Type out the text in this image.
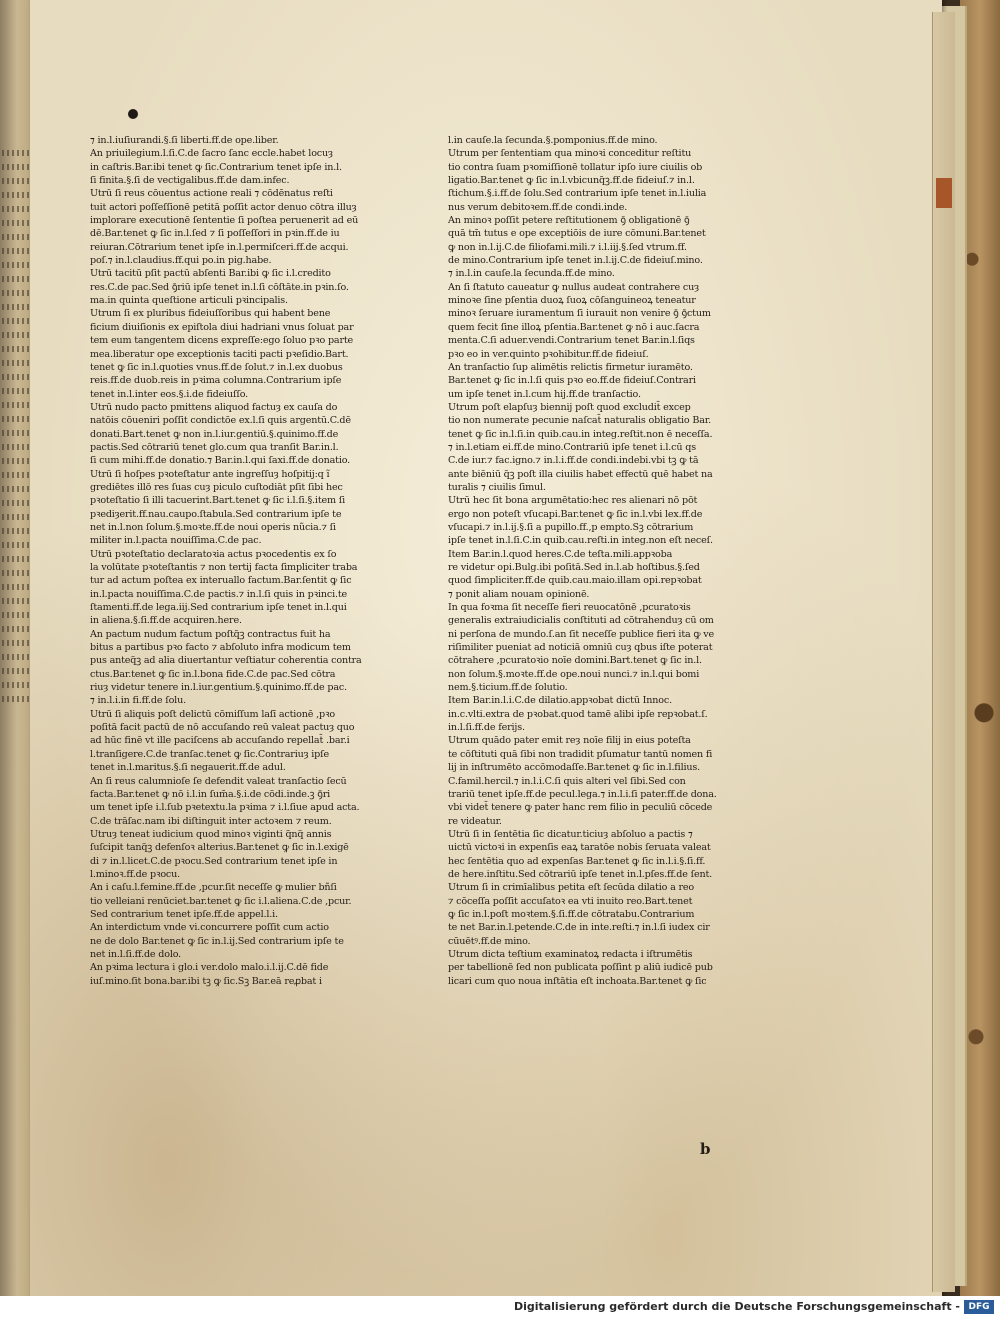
⁊ in.l.iuſiurandi.§.ſi liberti.ff.de ope.liber.
An priuilegium.l.ſi.C.de ſacro ſanc eccle.habet locuȝ
in caſtris.Bar.ibi tenet ꝙ ſic.Contrarium tenet ipſe in.l.
ſi finita.§.ſi de vectigalibus.ff.de dam.infec.
Utrū ſi reus cōuentus actione reali ⁊ cōdēnatus reſti
tuit actori poſſeſſionē petitā poſſit actor denuo cōtra illuȝ
implorare executionē ſententie ſi poſtea peruenerit ad eū
dē.Bar.tenet ꝙ ſic in.l.ſed ⁊ ſi poſſeſſori in pꝛin.ff.de iu
reiuran.Cōtrarium tenet ipſe in.l.permiſceri.ff.de acqui.
poſ.⁊ in.l.claudius.ff.qui po.in pig.habe.
Utrū tacitū pſit pactū abſenti Bar.ibi ꝙ ſic i.l.credito
res.C.de pac.Sed ꝯ̄riū ipſe tenet in.l.ſi cōſtāte.in pꝛin.ſo.
ma.in quinta queſtione articuli pꝛincipalis.
Utrum ſi ex pluribus fideiuſſoribus qui habent bene
ficium diuiſionis ex epiſtola diui hadriani vnus ſoluat par
tem eum tangentem dicens expreſſe:ego ſoluo pꝛo parte
mea.liberatur ope exceptionis taciti pacti pꝛeſidio.Bart.
tenet ꝙ ſic in.l.quoties vnus.ff.de ſolut.⁊ in.l.ex duobus
reis.ff.de duob.reis in pꝛima columna.Contrarium ipſe
tenet in.l.inter eos.§.i.de fideiuſſo.
Utrū nudo pacto pmittens aliquod factuȝ ex cauſa do
natōis cōueniri poſſit condictōe ex.l.ſi quis argentū.C.dē
donati.Bart.tenet ꝙ non in.l.iur.gentiū.§.quinimo.ff.de
pactis.Sed cōtrariū tenet glo.cum qua tranſit Bar.in.l.
ſi cum mihi.ff.de donatio.⁊ Bar.in.l.qui ſaxi.ff.de donatio.
Utrū ſi hoſpes pꝛoteſtatur ante ingreſſuȝ hoſpitij:q ĩ
grediētes illō res ſuas cuȝ piculo cuſtodiāt pſit ſibi hec
pꝛoteſtatio ſi illi tacuerint.Bart.tenet ꝙ ſic i.l.ſi.§.item ſi
pꝛediȝerit.ff.nau.caupo.ſtabula.Sed contrarium ipſe te
net in.l.non ſolum.§.moꝛte.ff.de noui operis nũcia.⁊ ſi
militer in.l.pacta nouiſſima.C.de pac.
Utrū pꝛoteſtatio declaratoꝛia actus pꝛocedentis ex ſo
la volūtate pꝛoteſtantis ⁊ non tertij facta ſimpliciter traba
tur ad actum poſtea ex interuallo factum.Bar.ſentit ꝙ ſic
in.l.pacta nouiſſima.C.de pactis.⁊ in.l.ſi quis in pꝛinci.te
ſtamenti.ff.de lega.iij.Sed contrarium ipſe tenet in.l.qui
in aliena.§.ſi.ff.de acquiren.here.
An pactum nudum factum poſtq̃ꝫ contractus fuit ha
bitus a partibus pꝛo facto ⁊ abſoluto infra modicum tem
pus anteq̃ꝫ ad alia diuertantur veſtiatur coherentia contra
ctus.Bar.tenet ꝙ ſic in.l.bona fide.C.de pac.Sed cōtra
riuȝ videtur tenere in.l.iur.gentium.§.quinimo.ff.de pac.
⁊ in.l.i.in fi.ff.de ſolu.
Utrū ſi aliquis poſt delictū cōmiſſum laſī actionē ,pꝛo
poſitā facit pactū de nō accuſando reū valeat pactuȝ quo
ad hūc finē vt ille paciſcens ab accuſando repellat̄ .bar.i
l.tranſigere.C.de tranſac.tenet ꝙ ſic.Contrariuȝ ipſe
tenet in.l.maritus.§.ſi negauerit.ff.de adul.
An ſi reus calumnioſe ſe defendit valeat tranſactio ſecū
facta.Bar.tenet ꝙ nō i.l.in ſum̄a.§.i.de cōdi.inde.ꝫ ꝯ̄ri
um tenet ipſe i.l.ſub pꝛetextu.la pꝛima ⁊ i.l.ſiue apud acta.
C.de trāſac.nam ibi diſtinguit inter actoꝛem ⁊ reum.
Utruȝ teneat iudicium quod minoꝛ viginti q̃nq̃ annis
ſuſcipit tanq̃ꝫ defenſoꝛ alterius.Bar.tenet ꝙ ſic in.l.exigē
di ⁊ in.l.licet.C.de pꝛocu.Sed contrarium tenet ipſe in
l.minoꝛ.ff.de pꝛocu.
An i caſu.l.femine.ff.de ,pcur.ſit neceſſe ꝙ mulier bñſi
tio velleiani renūciet.bar.tenet ꝙ ſic i.l.aliena.C.de ,pcur.
Sed contrarium tenet ipſe.ff.de appel.l.i.
An interdictum vnde vi.concurrere poſſit cum actio
ne de dolo Bar.tenet ꝙ ſic in.l.ij.Sed contrarium ipſe te
net in.l.ſi.ff.de dolo.
An pꝛima lectura i glo.i ver.dolo malo.i.l.ij.C.dē fide
iuſ.mino.ſit bona.bar.ibi tꝫ ꝙ ſic.Sꝫ Bar.eā reꝓbat i
l.in cauſe.la ſecunda.§.pomponius.ff.de mino.
Utrum per ſententiam qua minoꝛi conceditur reſtitu
tio contra ſuam pꝛomiſſionē tollatur ipſo iure ciuilis ob
ligatio.Bar.tenet ꝙ ſic in.l.vbicunq̃ꝫ.ff.de fideiuſ.⁊ in.l.
ſtichum.§.i.ff.de ſolu.Sed contrarium ipſe tenet in.l.iulia
nus verum debitoꝛem.ff.de condi.inde.
An minoꝛ poſſit petere reſtitutionem ꝯ̄ obligationē ꝯ̄
quā tm̄ tutus e ope exceptiōis de iure cōmuni.Bar.tenet
ꝙ non in.l.ij.C.de filiofami.mili.⁊ i.l.iij.§.ſed vtrum.ff.
de mino.Contrarium ipſe tenet in.l.ij.C.de fideiuſ.mino.
⁊ in.l.in cauſe.la ſecunda.ff.de mino.
An ſi ſtatuto caueatur ꝙ nullus audeat contrahere cuȝ
minoꝛe ſine pſentia duoꝝ ſuoꝝ cōſanguineoꝝ teneatur
minoꝛ ſeruare iuramentum ſi iurauit non venire ꝯ̄ ꝯ̄ctum
quem fecit ſine illoꝝ pſentia.Bar.tenet ꝙ nō i auc.ſacra
menta.C.ſi aduer.vendi.Contrarium tenet Bar.in.l.ſiqs
pꝛo eo in ver.quinto pꝛohibitur.ff.de fideiuſ.
An tranſactio ſup alimētis relictis firmetur iuramēto.
Bar.tenet ꝙ ſic in.l.ſi quis pꝛo eo.ff.de fideiuſ.Contrari
um ipſe tenet in.l.cum hij.ff.de tranſactio.
Utrum poſt elapſuȝ biennij poſt quod excludit̄ excep
tio non numerate pecunie naſcat̄ naturalis obligatio Bar.
tenet ꝙ ſic in.l.ſi.in quib.cau.in integ.reſtit.non ē neceſſa.
⁊ in.l.etiam ei.ff.de mino.Contrariū ipſe tenet i.l.cū qs
C.de iur.⁊ fac.igno.⁊ in.l.i.ff.de condi.indebi.vbi tꝫ ꝙ tā
ante biēniū q̃ꝫ poſt illa ciuilis habet effectū quē habet na
turalis ⁊ ciuilis ſimul.
Utrū hec ſit bona argumētatio:hec res alienari nō pōt
ergo non poteſt vſucapi.Bar.tenet ꝙ ſic in.l.vbi lex.ff.de
vſucapi.⁊ in.l.ij.§.ſi a pupillo.ff.,p empto.Sꝫ cōtrarium
ipſe tenet in.l.ſi.C.in quib.cau.reſti.in integ.non eſt neceſ.
Item Bar.in.l.quod heres.C.de teſta.mili.appꝛoba
re videtur opi.Bulg.ibi poſitā.Sed in.l.ab hoſtibus.§.ſed
quod ſimpliciter.ff.de quib.cau.maio.illam opi.repꝛobat
⁊ ponit aliam nouam opinionē.
In qua foꝛma ſit neceſſe fieri reuocatōnē ,pcuratoꝛis
generalis extraiudicialis conſtituti ad cōtrahenduȝ cū om
ni perſona de mundo.ſ.an ſit neceſſe publice fieri ita ꝙ ve
riſimiliter pueniat ad noticiā omniū cuȝ qbus iſte poterat
cōtrahere ,pcuratoꝛio noīe domini.Bart.tenet ꝙ ſic in.l.
non ſolum.§.moꝛte.ff.de ope.noui nunci.⁊ in.l.qui bomi
nem.§.ticium.ff.de ſolutio.
Item Bar.in.l.i.C.de dilatio.appꝛobat dictū Innoc.
in.c.vlti.extra de pꝛobat.quod tamē alibi ipſe repꝛobat.ſ.
in.l.ſi.ff.de ferijs.
Utrum quādo pater emit reȝ noīe filij in eius poteſta
te cōſtituti quā ſibi non tradidit pſumatur tantū nomen fi
lij in inſtrumēto accōmodaſſe.Bar.tenet ꝙ ſic in.l.filius.
C.famil.hercil.⁊ in.l.i.C.ſi quis alteri vel ſibi.Sed con
trariū tenet ipſe.ff.de pecul.lega.⁊ in.l.i.ſi pater.ff.de dona.
vbi videt̄ tenere ꝙ pater hanc rem filio in peculiū cōcede
re videatur.
Utrū ſi in ſentētia ſic dicatur.ticiuȝ abſoluo a pactis ⁊
uictū victoꝛi in expenſis eaꝝ taratōe nobis ſeruata valeat
hec ſentētia quo ad expenſas Bar.tenet ꝙ ſic in.l.i.§.ſi.ff.
de here.inſtitu.Sed cōtrariū ipſe tenet in.l.pſes.ff.de ſent.
Utrum ſi in crimīalibus petita eſt ſecūda dilatio a reo
⁊ cōceſſa poſſit accuſatoꝛ ea vti inuito reo.Bart.tenet
ꝙ ſic in.l.poſt moꝛtem.§.ſi.ff.de cōtratabu.Contrarium
te net Bar.in.l.petende.C.de in inte.reſti.⁊ in.l.ſi iudex cir
cūuētꝰ.ff.de mino.
Utrum dicta teſtium examinatoꝝ redacta i iſtrumētis
per tabellionē ſed non publicata poſſint p aliū iudicē pub
licari cum quo noua inſtātia eſt inchoata.Bar.tenet ꝙ ſic
b
Digitalisierung gefördert durch die Deutsche Forschungsgemeinschaft - DFG
